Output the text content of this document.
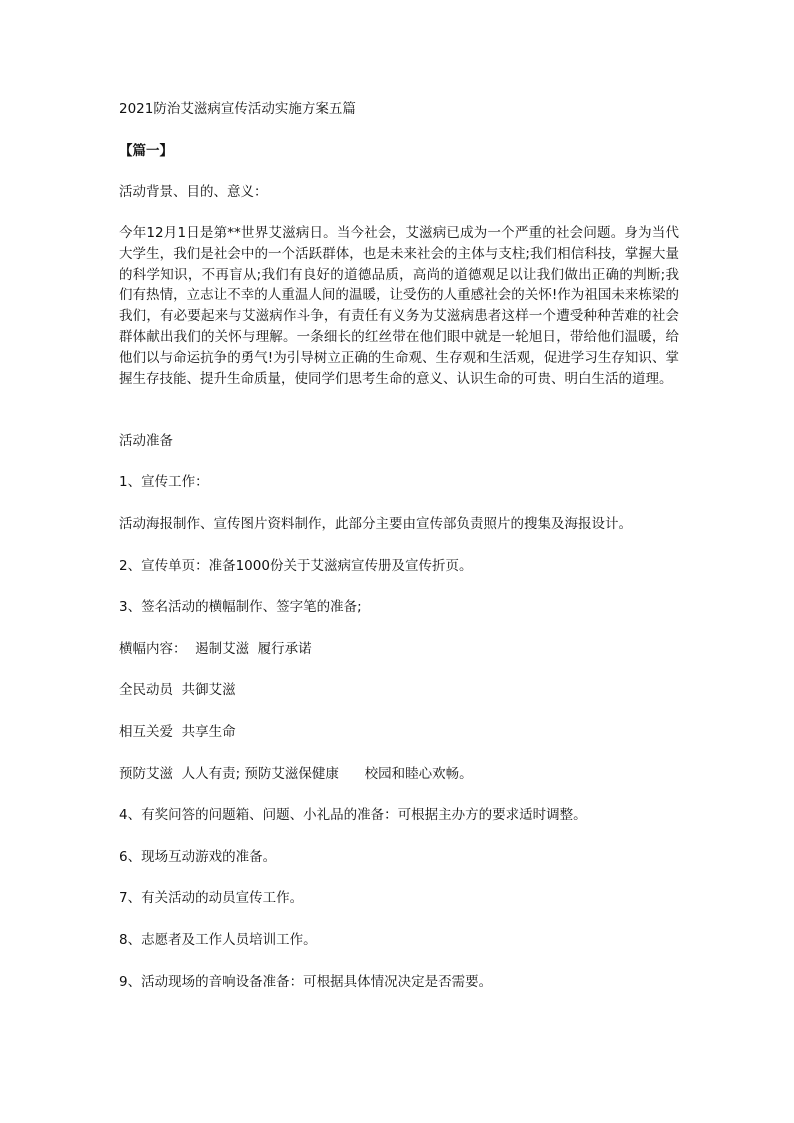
2021防治艾滋病宣传活动实施方案五篇
【篇一】
活动背景、目的、意义：
今年12月1日是第**世界艾滋病日。当今社会，艾滋病已成为一个严重的社会问题。身为当代大学生，我们是社会中的一个活跃群体，也是未来社会的主体与支柱;我们相信科技，掌握大量的科学知识，不再盲从;我们有良好的道德品质，高尚的道德观足以让我们做出正确的判断;我们有热情，立志让不幸的人重温人间的温暖，让受伤的人重感社会的关怀!作为祖国未来栋梁的我们，有必要起来与艾滋病作斗争，有责任有义务为艾滋病患者这样一个遭受种种苦难的社会群体献出我们的关怀与理解。一条细长的红丝带在他们眼中就是一轮旭日，带给他们温暖，给他们以与命运抗争的勇气!为引导树立正确的生命观、生存观和生活观，促进学习生存知识、掌握生存技能、提升生命质量，使同学们思考生命的意义、认识生命的可贵、明白生活的道理。
活动准备
1、宣传工作：
活动海报制作、宣传图片资料制作，此部分主要由宣传部负责照片的搜集及海报设计。
2、宣传单页：准备1000份关于艾滋病宣传册及宣传折页。
3、签名活动的横幅制作、签字笔的准备;
横幅内容：  遏制艾滋  履行承诺
全民动员  共御艾滋
相互关爱  共享生命
预防艾滋  人人有责; 预防艾滋保健康      校园和睦心欢畅。
4、有奖问答的问题箱、问题、小礼品的准备：可根据主办方的要求适时调整。
6、现场互动游戏的准备。
7、有关活动的动员宣传工作。
8、志愿者及工作人员培训工作。
9、活动现场的音响设备准备：可根据具体情况决定是否需要。
